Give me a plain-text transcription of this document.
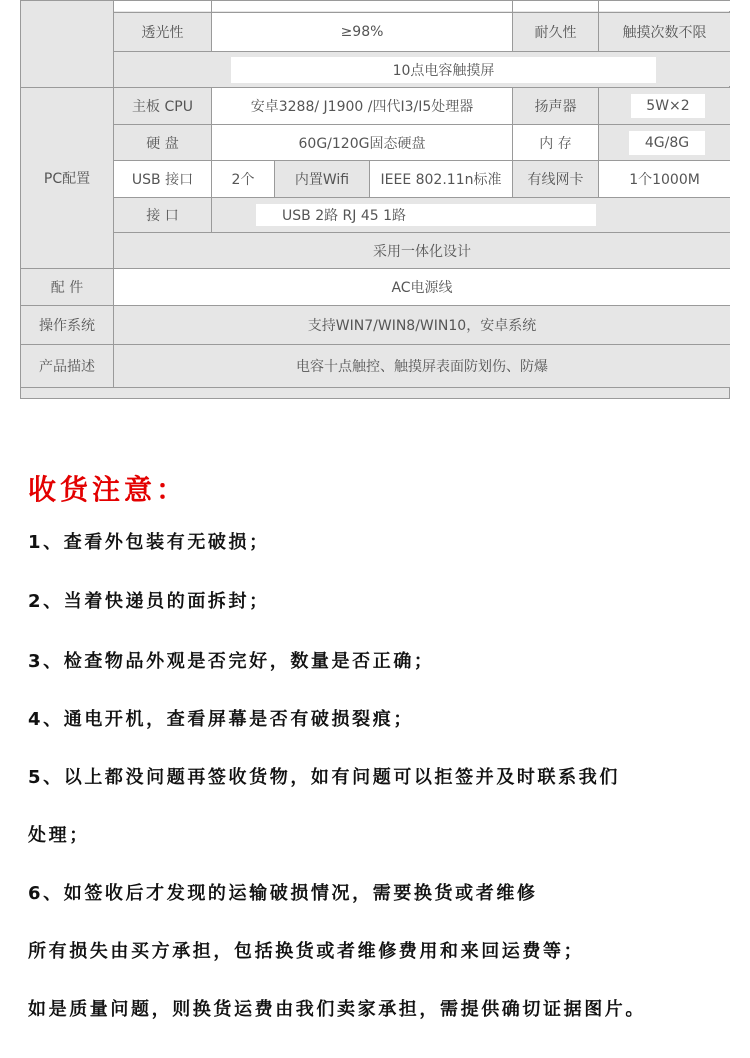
透光性	≥98%	耐久性	触摸次数不限
10点电容触摸屏
PC配置
主板 CPU	安卓3288/ J1900 /四代I3/I5处理器	扬声器	5W×2
硬 盘	60G/120G固态硬盘	内 存	4G/8G
USB 接口	2个	内置Wifi	IEEE 802.11n标准	有线网卡	1个1000M
接 口	USB 2路 RJ 45 1路
采用一体化设计
配 件	AC电源线
操作系统	支持WIN7/WIN8/WIN10，安卓系统
产品描述	电容十点触控、触摸屏表面防划伤、防爆
收货注意：
1、查看外包装有无破损；
2、当着快递员的面拆封；
3、检查物品外观是否完好，数量是否正确；
4、通电开机，查看屏幕是否有破损裂痕；
5、以上都没问题再签收货物，如有问题可以拒签并及时联系我们
处理；
6、如签收后才发现的运输破损情况，需要换货或者维修
所有损失由买方承担，包括换货或者维修费用和来回运费等；
如是质量问题，则换货运费由我们卖家承担，需提供确切证据图片。
